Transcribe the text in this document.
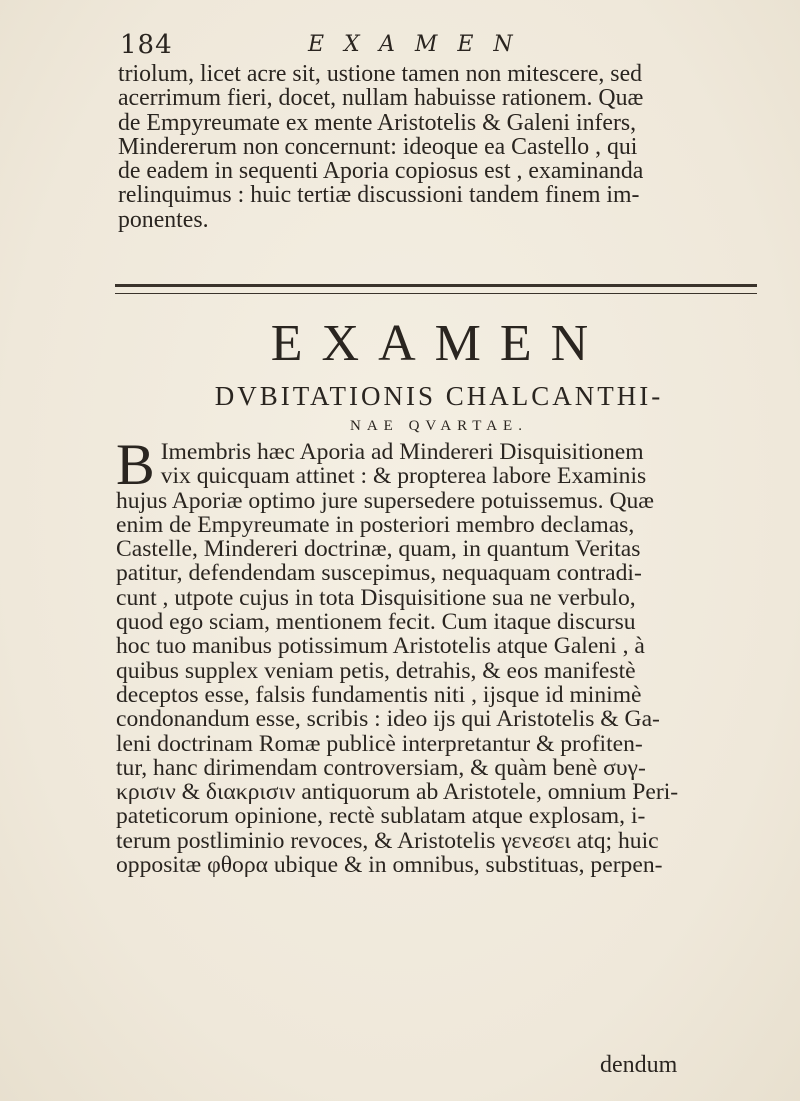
184	EXAMEN
triolum, licet acre sit, ustione tamen non mitescere, sed
acerrimum fieri, docet, nullam habuisse rationem. Quæ
de Empyreumate ex mente Aristotelis & Galeni infers,
Mindererum non concernunt: ideoque ea Castello , qui
de eadem in sequenti Aporia copiosus est , examinanda
relinquimus : huic tertiæ discussioni tandem finem im-
ponentes.
EXAMEN
DVBITATIONIS CHALCANTHI-
NAE QVARTAE.
B Imembris hæc Aporia ad Mindereri Disquisitionem
vix quicquam attinet : & propterea labore Examinis
hujus Aporiæ optimo jure supersedere potuissemus. Quæ
enim de Empyreumate in posteriori membro declamas,
Castelle, Mindereri doctrinæ, quam, in quantum Veritas
patitur, defendendam suscepimus, nequaquam contradi-
cunt , utpote cujus in tota Disquisitione sua ne verbulo,
quod ego sciam, mentionem fecit. Cum itaque discursu
hoc tuo manibus potissimum Aristotelis atque Galeni , à
quibus supplex veniam petis, detrahis, & eos manifestè
deceptos esse, falsis fundamentis niti , ijsque id minimè
condonandum esse, scribis : ideo ijs qui Aristotelis & Ga-
leni doctrinam Romæ publicè interpretantur & profiten-
tur, hanc dirimendam controversiam, & quàm benè συγ-
κρισιν & διακρισιν antiquorum ab Aristotele, omnium Peri-
pateticorum opinione, rectè sublatam atque explosam, i-
terum postliminio revoces, & Aristotelis γενεσει atq; huic
oppositæ φθορα ubique & in omnibus, substituas, perpen-
dendum
